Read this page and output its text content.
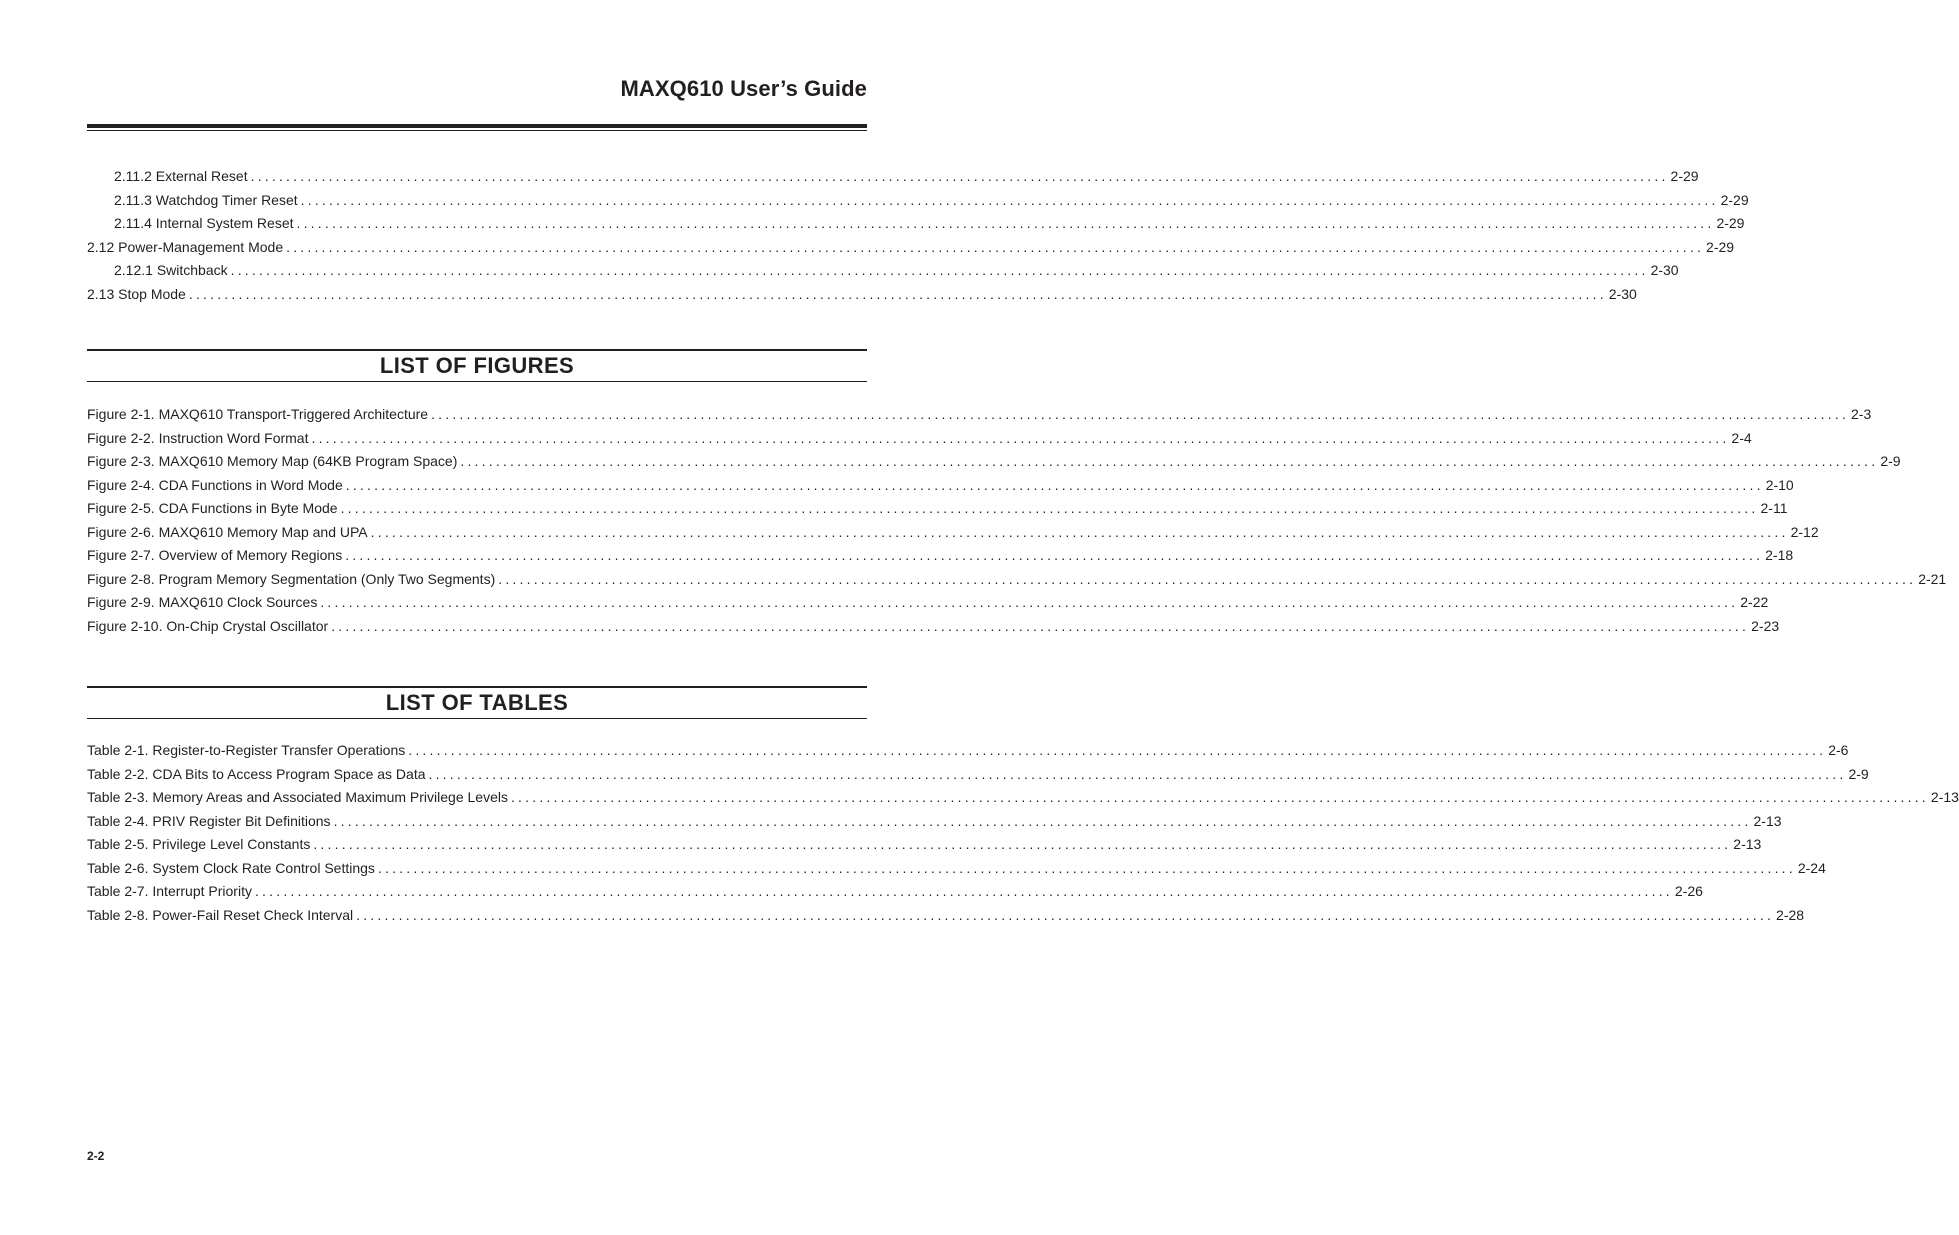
MAXQ610 User’s Guide
2.11.2 External Reset ........................................................................................................................................................................................................ 2-29
2.11.3 Watchdog Timer Reset ........................................................................................................................................................................................................ 2-29
2.11.4 Internal System Reset ........................................................................................................................................................................................................ 2-29
2.12 Power-Management Mode ........................................................................................................................................................................................................ 2-29
2.12.1 Switchback ........................................................................................................................................................................................................ 2-30
2.13 Stop Mode ........................................................................................................................................................................................................ 2-30
LIST OF FIGURES
Figure 2-1. MAXQ610 Transport-Triggered Architecture ........................................................................................................................................................................................................ 2-3
Figure 2-2. Instruction Word Format ........................................................................................................................................................................................................ 2-4
Figure 2-3. MAXQ610 Memory Map (64KB Program Space) ........................................................................................................................................................................................................ 2-9
Figure 2-4. CDA Functions in Word Mode ........................................................................................................................................................................................................ 2-10
Figure 2-5. CDA Functions in Byte Mode ........................................................................................................................................................................................................ 2-11
Figure 2-6. MAXQ610 Memory Map and UPA ........................................................................................................................................................................................................ 2-12
Figure 2-7. Overview of Memory Regions ........................................................................................................................................................................................................ 2-18
Figure 2-8. Program Memory Segmentation (Only Two Segments) ........................................................................................................................................................................................................ 2-21
Figure 2-9. MAXQ610 Clock Sources ........................................................................................................................................................................................................ 2-22
Figure 2-10. On-Chip Crystal Oscillator ........................................................................................................................................................................................................ 2-23
LIST OF TABLES
Table 2-1. Register-to-Register Transfer Operations ........................................................................................................................................................................................................ 2-6
Table 2-2. CDA Bits to Access Program Space as Data ........................................................................................................................................................................................................ 2-9
Table 2-3. Memory Areas and Associated Maximum Privilege Levels ........................................................................................................................................................................................................ 2-13
Table 2-4. PRIV Register Bit Definitions ........................................................................................................................................................................................................ 2-13
Table 2-5. Privilege Level Constants ........................................................................................................................................................................................................ 2-13
Table 2-6. System Clock Rate Control Settings ........................................................................................................................................................................................................ 2-24
Table 2-7. Interrupt Priority ........................................................................................................................................................................................................ 2-26
Table 2-8. Power-Fail Reset Check Interval ........................................................................................................................................................................................................ 2-28
2-2
